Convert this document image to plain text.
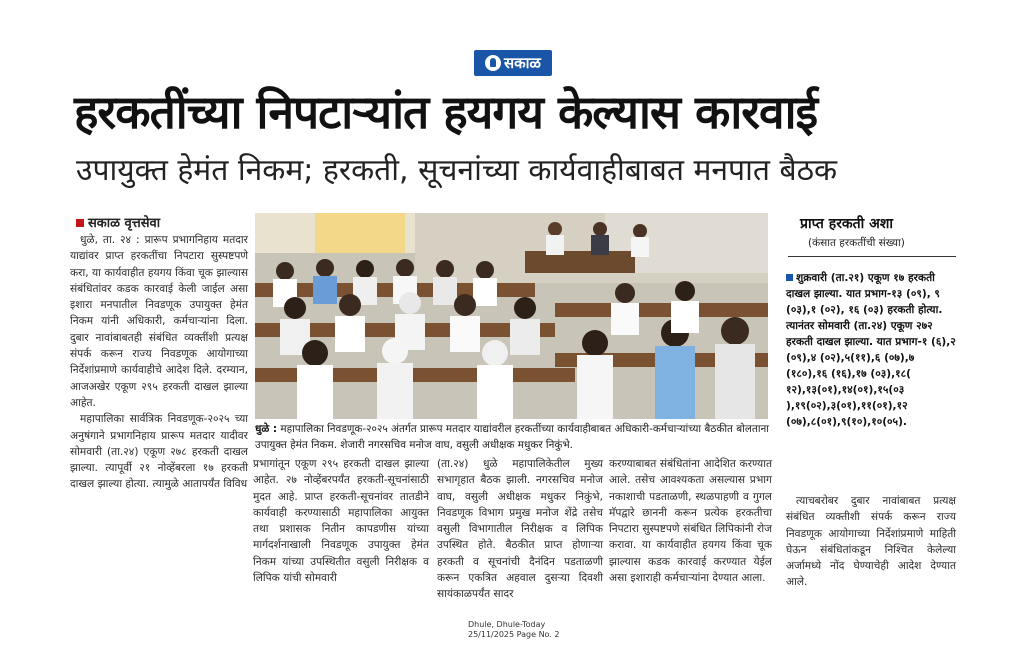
सकाळ
हरकतींच्या निपटाऱ्यांत हयगय केल्यास कारवाई
उपायुक्त हेमंत निकम; हरकती, सूचनांच्या कार्यवाहीबाबत मनपात बैठक
सकाळ वृत्तसेवा

धुळे, ता. २४ : प्रारूप प्रभागनिहाय मतदार याद्यांवर प्राप्त हरकतींचा निपटारा सुस्पष्टपणे करा, या कार्यवाहीत हयगय किंवा चूक झाल्यास संबंधितांवर कडक कारवाई केली जाईल असा इशारा मनपातील निवडणूक उपायुक्त हेमंत निकम यांनी अधिकारी, कर्मचाऱ्यांना दिला. दुबार नावांबाबतही संबंधित व्यक्तींशी प्रत्यक्ष संपर्क करून राज्य निवडणूक आयोगाच्या निर्देशांप्रमाणे कार्यवाहीचे आदेश दिले. दरम्यान, आजअखेर एकूण २९५ हरकती दाखल झाल्या आहेत.

महापालिका सार्वत्रिक निवडणूक-२०२५ च्या अनुषंगाने प्रभागनिहाय प्रारूप मतदार यादीवर सोमवारी (ता.२४) एकूण २७८ हरकती दाखल झाल्या. त्यापूर्वी २१ नोव्हेंबरला १७ हरकती दाखल झाल्या होत्या. त्यामुळे आतापर्यंत विविध

धुळे : महापालिका निवडणूक-२०२५ अंतर्गत प्रारूप मतदार याद्यांवरील हरकतींच्या कार्यवाहीबाबत अधिकारी-कर्मचाऱ्यांच्या बैठकीत बोलताना उपायुक्त हेमंत निकम. शेजारी नगरसचिव मनोज वाघ, वसुली अधीक्षक मधुकर निकुंभे.
प्रभागांतून एकूण २९५ हरकती दाखल झाल्या आहेत. २७ नोव्हेंबरपर्यंत हरकती-सूचनांसाठी मुदत आहे. प्राप्त हरकती-सूचनांवर तातडीने कार्यवाही करण्यासाठी महापालिका आयुक्त तथा प्रशासक नितीन कापडणीस यांच्या मार्गदर्शनाखाली निवडणूक उपायुक्त हेमंत निकम यांच्या उपस्थितीत वसुली निरीक्षक व लिपिक यांची सोमवारी
(ता.२४) धुळे महापालिकेतील मुख्य सभागृहात बैठक झाली. नगरसचिव मनोज वाघ, वसुली अधीक्षक मधुकर निकुंभे, निवडणूक विभाग प्रमुख मनोज शेंद्रे तसेच वसुली विभागातील निरीक्षक व लिपिक उपस्थित होते. बैठकीत प्राप्त होणाऱ्या हरकती व सूचनांची दैनंदिन पडताळणी करून एकत्रित अहवाल दुसऱ्या दिवशी सायंकाळपर्यंत सादर
करण्याबाबत संबंधितांना आदेशित करण्यात आले. तसेच आवश्यकता असल्यास प्रभाग नकाशाची पडताळणी, स्थळपाहणी व गुगल मॅपद्वारे छाननी करून प्रत्येक हरकतीचा निपटारा सुस्पष्टपणे संबंधित लिपिकांनी रोज करावा. या कार्यवाहीत हयगय किंवा चूक झाल्यास कडक कारवाई करण्यात येईल असा इशाराही कर्मचाऱ्यांना देण्यात आला.
प्राप्त हरकती अशा
(कंसात हरकतींची संख्या)
शुक्रवारी (ता.२१) एकूण १७ हरकती दाखल झाल्या. यात प्रभाग-१३ (०९), ९ (०३),१ (०२), १६ (०३) हरकती होत्या. त्यानंतर सोमवारी (ता.२४) एकूण २७२ हरकती दाखल झाल्या. यात प्रभाग-१ (६),२ (०९),४ (०२),५(११),६ (०७),७ (१८०),१६ (१६),१७ (०३),१८( १२),१३(०१),१४(०१),१५(०३ ),१९(०२),३(०१),११(०१),१२ (०७),८(०१),९(१०),१०(०५).
त्याचबरोबर दुबार नावांबाबत प्रत्यक्ष संबंधित व्यक्तीशी संपर्क करून राज्य निवडणूक आयोगाच्या निर्देशांप्रमाणे माहिती घेऊन संबंधितांकडून निश्चित केलेल्या अर्जामध्ये नोंद घेण्याचेही आदेश देण्यात आले.
Dhule, Dhule-Today
25/11/2025 Page No. 2
